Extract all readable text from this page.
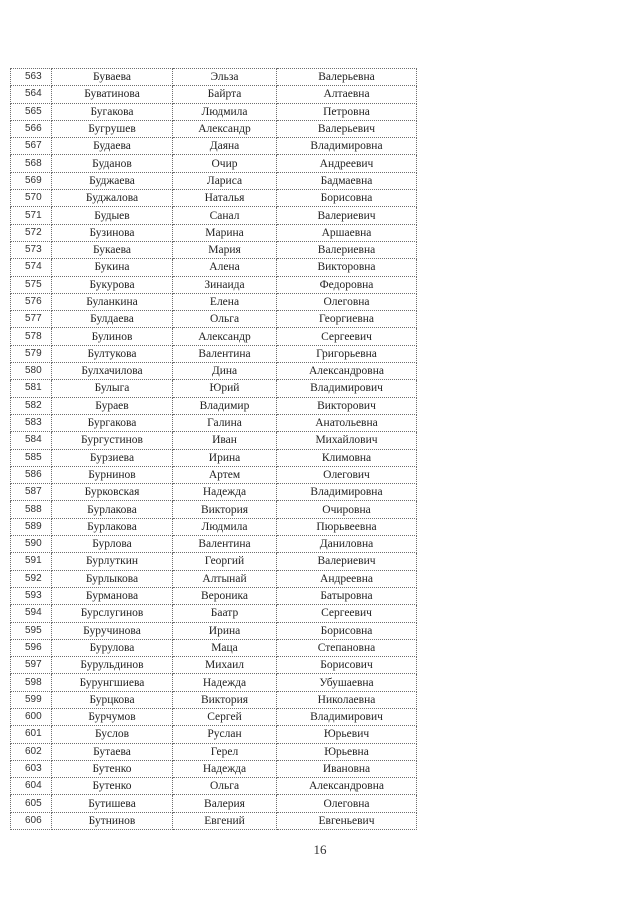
563	Буваева	Эльза	Валерьевна
564	Буватинова	Байрта	Алтаевна
565	Бугакова	Людмила	Петровна
566	Бугрушев	Александр	Валерьевич
567	Будаева	Даяна	Владимировна
568	Буданов	Очир	Андреевич
569	Буджаева	Лариса	Бадмаевна
570	Буджалова	Наталья	Борисовна
571	Будыев	Санал	Валериевич
572	Бузинова	Марина	Аршаевна
573	Букаева	Мария	Валериевна
574	Букина	Алена	Викторовна
575	Букурова	Зинаида	Федоровна
576	Буланкина	Елена	Олеговна
577	Булдаева	Ольга	Георгиевна
578	Булинов	Александр	Сергеевич
579	Бултукова	Валентина	Григорьевна
580	Булхачилова	Дина	Александровна
581	Булыга	Юрий	Владимирович
582	Бураев	Владимир	Викторович
583	Бургакова	Галина	Анатольевна
584	Бургустинов	Иван	Михайлович
585	Бурзиева	Ирина	Климовна
586	Бурнинов	Артем	Олегович
587	Бурковская	Надежда	Владимировна
588	Бурлакова	Виктория	Очировна
589	Бурлакова	Людмила	Пюрьвеевна
590	Бурлова	Валентина	Даниловна
591	Бурлуткин	Георгий	Валериевич
592	Бурлыкова	Алтынай	Андреевна
593	Бурманова	Вероника	Батыровна
594	Бурслугинов	Баатр	Сергеевич
595	Буручинова	Ирина	Борисовна
596	Бурулова	Маца	Степановна
597	Бурульдинов	Михаил	Борисович
598	Бурунгшиева	Надежда	Убушаевна
599	Бурцкова	Виктория	Николаевна
600	Бурчумов	Сергей	Владимирович
601	Буслов	Руслан	Юрьевич
602	Бутаева	Герел	Юрьевна
603	Бутенко	Надежда	Ивановна
604	Бутенко	Ольга	Александровна
605	Бутишева	Валерия	Олеговна
606	Бутнинов	Евгений	Евгеньевич
16
